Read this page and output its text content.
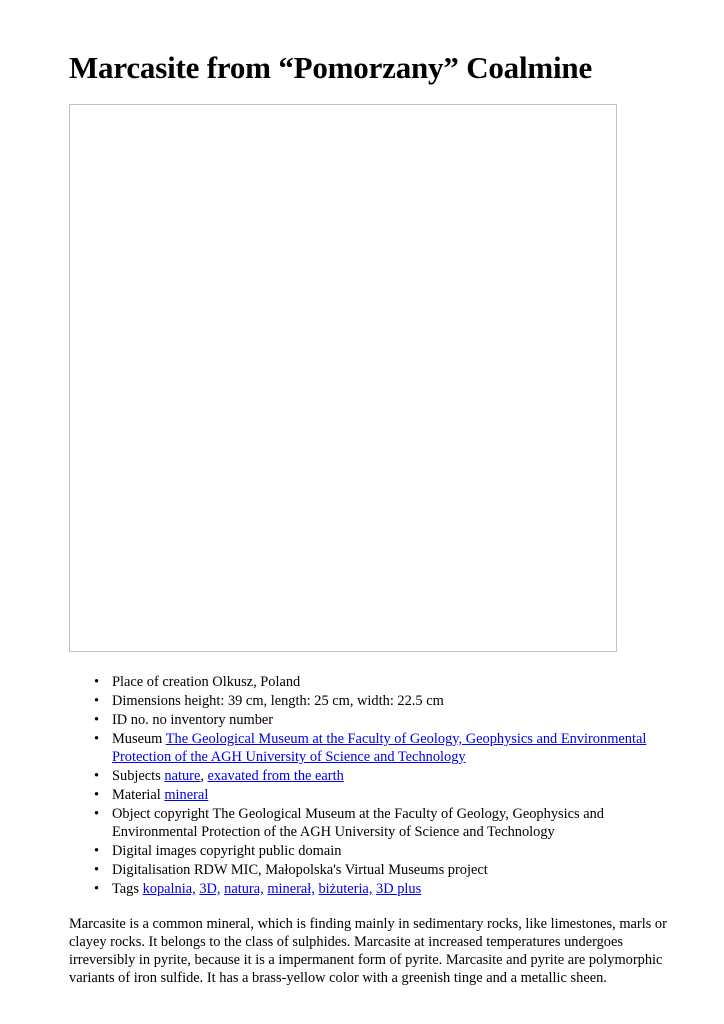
Marcasite from “Pomorzany” Coalmine
• Place of creation Olkusz, Poland
• Dimensions height: 39 cm, length: 25 cm, width: 22.5 cm
• ID no. no inventory number
• Museum The Geological Museum at the Faculty of Geology, Geophysics and Environmental Protection of the AGH University of Science and Technology
• Subjects nature, exavated from the earth
• Material mineral
• Object copyright The Geological Museum at the Faculty of Geology, Geophysics and Environmental Protection of the AGH University of Science and Technology
• Digital images copyright public domain
• Digitalisation RDW MIC, Małopolska's Virtual Museums project
• Tags kopalnia, 3D, natura, minerał, biżuteria, 3D plus

Marcasite is a common mineral, which is finding mainly in sedimentary rocks, like limestones, marls or clayey rocks. It belongs to the class of sulphides. Marcasite at increased temperatures undergoes irreversibly in pyrite, because it is a impermanent form of pyrite. Marcasite and pyrite are polymorphic variants of iron sulfide. It has a brass-yellow color with a greenish tinge and a metallic sheen.
